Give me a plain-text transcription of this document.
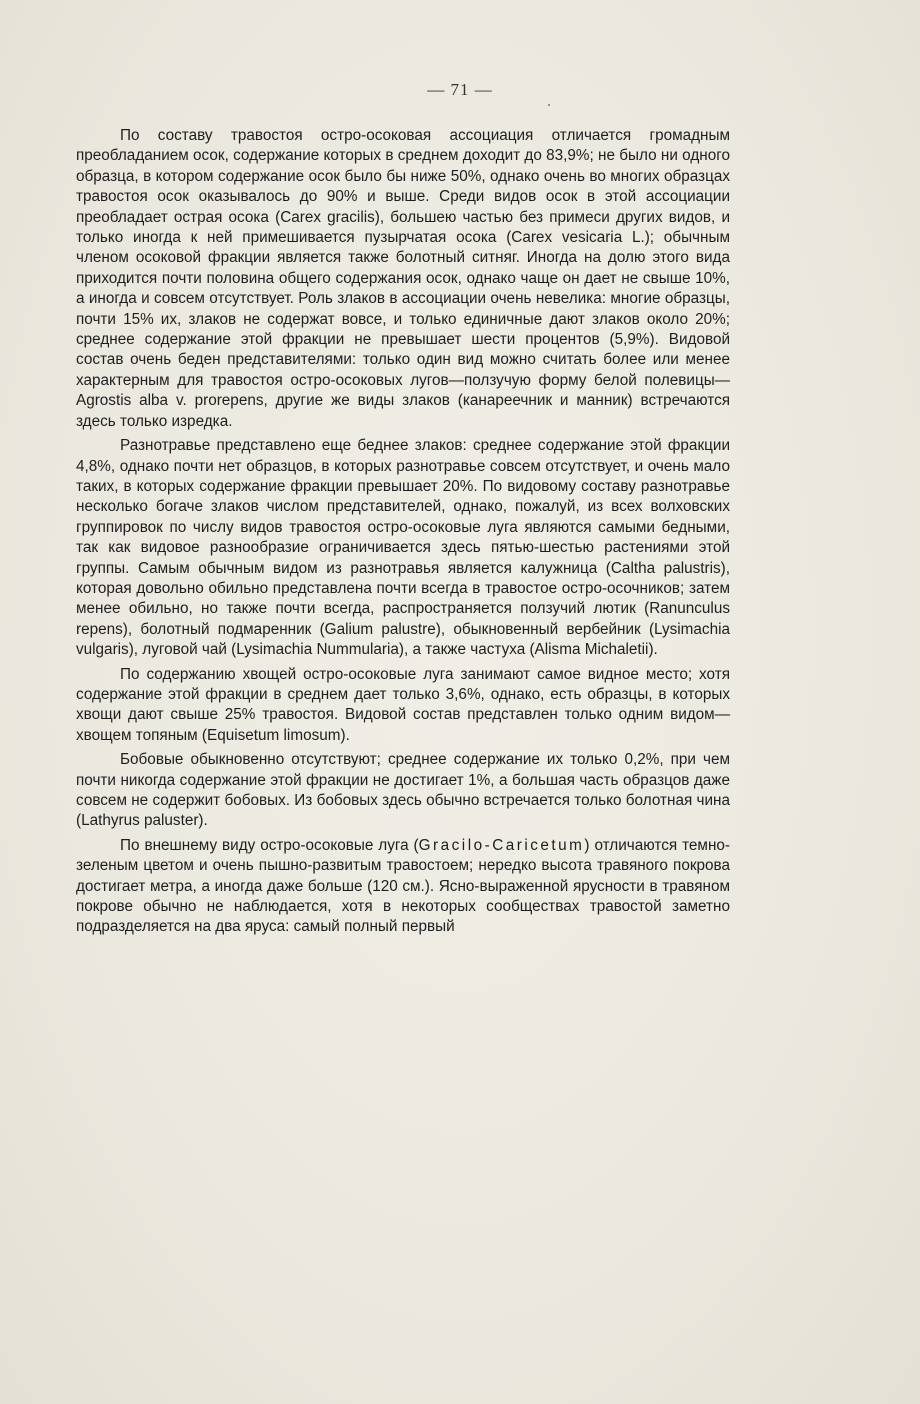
— 71 —

По составу травостоя остро-осоковая ассоциация отличается громадным преобладанием осок, содержание которых в среднем доходит до 83,9%; не было ни одного образца, в котором содержание осок было бы ниже 50%, однако очень во многих образцах травостоя осок оказывалось до 90% и выше. Среди видов осок в этой ассоциации преобладает острая осока (Carex gracilis), большею частью без примеси других видов, и только иногда к ней примешивается пузырчатая осока (Carex vesicaria L.); обычным членом осоковой фракции является также болотный ситняг. Иногда на долю этого вида приходится почти половина общего содержания осок, однако чаще он дает не свыше 10%, а иногда и совсем отсутствует. Роль злаков в ассоциации очень невелика: многие образцы, почти 15% их, злаков не содержат вовсе, и только единичные дают злаков около 20%; среднее содержание этой фракции не превышает шести процентов (5,9%). Видовой состав очень беден представителями: только один вид можно считать более или менее характерным для травостоя остро-осоковых лугов—ползучую форму белой полевицы—Agrostis alba v. prorepens, другие же виды злаков (канареечник и манник) встречаются здесь только изредка.

Разнотравье представлено еще беднее злаков: среднее содержание этой фракции 4,8%, однако почти нет образцов, в которых разнотравье совсем отсутствует, и очень мало таких, в которых содержание фракции превышает 20%. По видовому составу разнотравье несколько богаче злаков числом представителей, однако, пожалуй, из всех волховских группировок по числу видов травостоя остро-осоковые луга являются самыми бедными, так как видовое разнообразие ограничивается здесь пятью-шестью растениями этой группы. Самым обычным видом из разнотравья является калужница (Caltha palustris), которая довольно обильно представлена почти всегда в травостое остро-осочников; затем менее обильно, но также почти всегда, распространяется ползучий лютик (Ranunculus repens), болотный подмаренник (Galium palustre), обыкновенный вербейник (Lysimachia vulgaris), луговой чай (Lysimachia Nummularia), а также частуха (Alisma Michaletii).

По содержанию хвощей остро-осоковые луга занимают самое видное место; хотя содержание этой фракции в среднем дает только 3,6%, однако, есть образцы, в которых хвощи дают свыше 25% травостоя. Видовой состав представлен только одним видом—хвощем топяным (Equisetum limosum).

Бобовые обыкновенно отсутствуют; среднее содержание их только 0,2%, при чем почти никогда содержание этой фракции не достигает 1%, а большая часть образцов даже совсем не содержит бобовых. Из бобовых здесь обычно встречается только болотная чина (Lathyrus paluster).

По внешнему виду остро-осоковые луга (Gracilo-Caricetum) отличаются темно-зеленым цветом и очень пышно-развитым травостоем; нередко высота травяного покрова достигает метра, а иногда даже больше (120 см.). Ясно-выраженной ярусности в травяном покрове обычно не наблюдается, хотя в некоторых сообществах травостой заметно подразделяется на два яруса: самый полный первый
